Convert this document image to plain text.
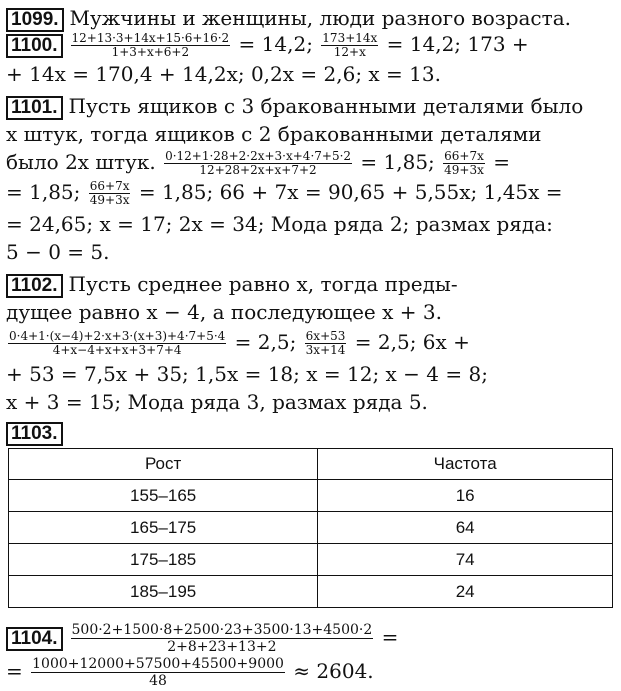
1099. Мужчины и женщины, люди разного возраста.
1100. $\frac{12+13\cdot 3+14x+15\cdot 6+16\cdot 2}{1+3+x+6+2} = 14,2$; $\frac{173+14x}{12+x} = 14,2$; 173 +
+ 14x = 170,4 + 14,2x; 0,2x = 2,6; x = 13.
1101. Пусть ящиков с 3 бракованными деталями было
x штук, тогда ящиков с 2 бракованными деталями
было 2x штук. $\frac{0\cdot 12+1\cdot 28+2\cdot 2x+3\cdot x+4\cdot 7+5\cdot 2}{12+28+2x+x+7+2} = 1,85$; $\frac{66+7x}{49+3x}$ =
= 1,85; $\frac{66+7x}{49+3x} = 1,85$; 66 + 7x = 90,65 + 5,55x; 1,45x =
= 24,65; x = 17; 2x = 34; Мода ряда 2; размах ряда:
5 − 0 = 5.
1102. Пусть среднее равно x, тогда преды-
дущее равно x − 4, а последующее x + 3.
$\frac{0\cdot 4+1\cdot(x-4)+2\cdot x+3\cdot(x+3)+4\cdot 7+5\cdot 4}{4+x-4+x+x+3+7+4} = 2,5$; $\frac{6x+53}{3x+14} = 2,5$; 6x +
+ 53 = 7,5x + 35; 1,5x = 18; x = 12; x − 4 = 8;
x + 3 = 15; Мода ряда 3, размах ряда 5.
1103.
Рост	Частота
155–165	16
165–175	64
175–185	74
185–195	24
1104. $\frac{500\cdot 2+1500\cdot 8+2500\cdot 23+3500\cdot 13+4500\cdot 2}{2+8+23+13+2}$ =
= $\frac{1000+12000+57500+45500+9000}{48} \approx 2604$.
